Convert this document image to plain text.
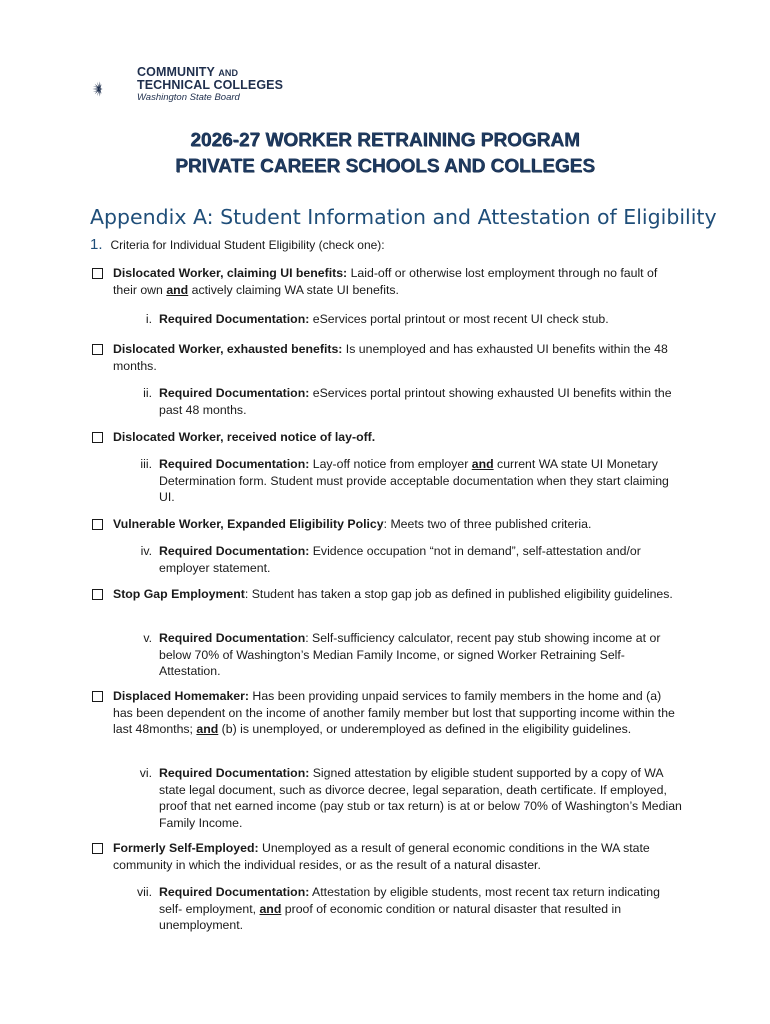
COMMUNITY AND
TECHNICAL COLLEGES
Washington State Board
2026-27 WORKER RETRAINING PROGRAM
PRIVATE CAREER SCHOOLS AND COLLEGES
Appendix A: Student Information and Attestation of Eligibility
1. Criteria for Individual Student Eligibility (check one):
Dislocated Worker, claiming UI benefits: Laid-off or otherwise lost employment through no fault of their own and actively claiming WA state UI benefits.
i. Required Documentation: eServices portal printout or most recent UI check stub.
Dislocated Worker, exhausted benefits: Is unemployed and has exhausted UI benefits within the 48 months.
ii. Required Documentation: eServices portal printout showing exhausted UI benefits within the past 48 months.
Dislocated Worker, received notice of lay-off.
iii. Required Documentation: Lay-off notice from employer and current WA state UI Monetary Determination form. Student must provide acceptable documentation when they start claiming UI.
Vulnerable Worker, Expanded Eligibility Policy: Meets two of three published criteria.
iv. Required Documentation: Evidence occupation “not in demand”, self-attestation and/or employer statement.
Stop Gap Employment: Student has taken a stop gap job as defined in published eligibility guidelines.
v. Required Documentation: Self-sufficiency calculator, recent pay stub showing income at or below 70% of Washington’s Median Family Income, or signed Worker Retraining Self-Attestation.
Displaced Homemaker: Has been providing unpaid services to family members in the home and (a) has been dependent on the income of another family member but lost that supporting income within the last 48months; and (b) is unemployed, or underemployed as defined in the eligibility guidelines.
vi. Required Documentation: Signed attestation by eligible student supported by a copy of WA state legal document, such as divorce decree, legal separation, death certificate. If employed, proof that net earned income (pay stub or tax return) is at or below 70% of Washington’s Median Family Income.
Formerly Self-Employed: Unemployed as a result of general economic conditions in the WA state community in which the individual resides, or as the result of a natural disaster.
vii. Required Documentation: Attestation by eligible students, most recent tax return indicating self- employment, and proof of economic condition or natural disaster that resulted in unemployment.
